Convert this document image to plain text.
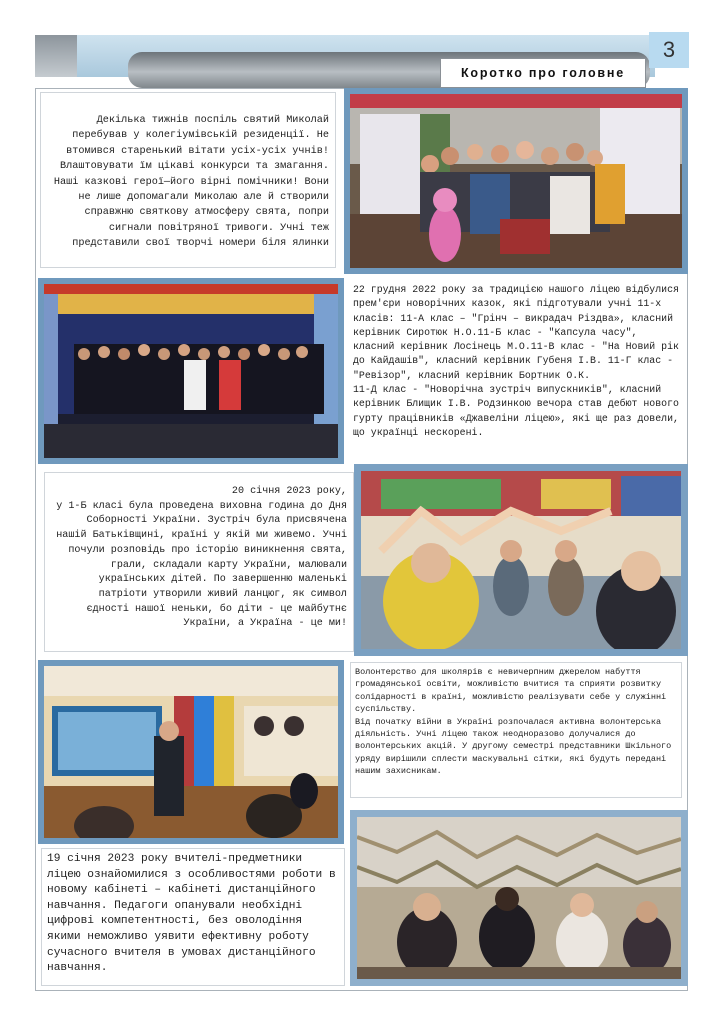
3
Коротко про головне
Декілька тижнів поспіль святий Миколай перебував у колегіумівській резиденції. Не втомився старенький вітати усіх-усіх учнів! Влаштовувати їм цікаві конкурси та змагання. Наші казкові герої—його вірні помічники! Вони не лише допомагали Миколаю але й створили справжню святкову атмосферу свята, попри сигнали повітряної тривоги. Учні теж представили свої творчі номери біля ялинки
22 грудня 2022 року за традицією нашого ліцею відбулися прем'єри новорічних казок, які підготували учні 11-х класів: 11-А клас – "Грінч – викрадач Різдва», класний керівник Сиротюк Н.О.11-Б клас - "Капсула часу", класний керівник Лосінець М.О.11-В клас - "На Новий рік до Кайдашів", класний керівник Губеня І.В. 11-Г клас - "Ревізор", класний керівник Бортник О.К.
11-Д клас - "Новорічна зустріч випускників", класний керівник Блищик І.В. Родзинкою вечора став дебют нового гурту працівників «Джавеліни ліцею», які ще раз довели, що українці нескорені.
20 січня 2023 року,
у 1-Б класі була проведена виховна година до Дня Соборності України. Зустріч була присвячена нашій Батьківщині, країні у якій ми живемо. Учні почули розповідь про історію виникнення свята, грали, складали карту України, малювали українських дітей. По завершенню маленькі патріоти утворили живий ланцюг, як символ єдності нашої неньки, бо діти - це майбутнє України, а Україна - це ми!
Волонтерство для школярів є невичерпним джерелом набуття громадянської освіти, можливістю вчитися та сприяти розвитку солідарності в країні, можливістю реалізувати себе у служінні суспільству.
Від початку війни в Україні розпочалася активна волонтерська діяльність. Учні ліцею також неодноразово долучалися до волонтерських акцій. У другому семестрі представники Шкільного уряду вирішили сплести маскувальні сітки, які будуть передані нашим захисникам.
19 січня 2023 року вчителі-предметники ліцею ознайомилися з особливостями роботи в новому кабінеті – кабінеті дистанційного навчання. Педагоги опанували необхідні цифрові компетентності, без оволодіння якими неможливо уявити ефективну роботу сучасного вчителя в умовах дистанційного навчання.
